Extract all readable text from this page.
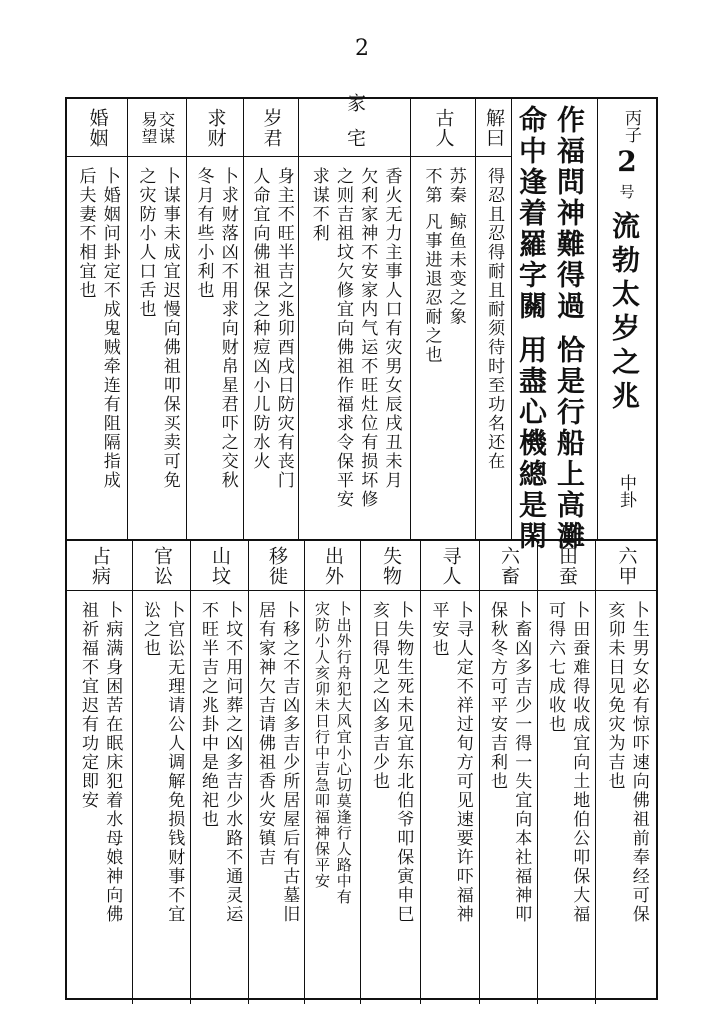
2
丙子
2
号
流勃太岁之兆
中卦
命中逢着羅字關 用盡心機總是閑 作福問神難得過 恰是行船上高灘
解曰
得忍且忍得耐且耐须待时至功名还在
古人
苏秦 鲸鱼未变之象
不第 凡事进退忍耐之也
家宅
香火无力主事人口有灾男女辰戌丑未月
欠利家神不安家内气运不旺灶位有损坏修
之则吉祖坟欠修宜向佛祖作福求令保平安
求谋不利
岁君
身主不旺半吉之兆卯酉戌日防灾有丧门
人命宜向佛祖保之种痘凶小儿防水火
求财
卜求财落凶不用求向财帛星君吓之交秋
冬月有些小利也
交谋
易望
卜谋事未成宜迟慢向佛祖叩保买卖可免
之灾防小人口舌也
婚姻
卜婚姻问卦定不成鬼贼牵连有阻隔指成
后夫妻不相宜也
六甲
卜生男女必有惊吓速向佛祖前奉经可保
亥卯未日见免灾为吉也
田蚕
卜田蚕难得收成宜向土地伯公叩保大福
可得六七成收也
六畜
卜畜凶多吉少一得一失宜向本社福神叩
保秋冬方可平安吉利也
寻人
卜寻人定不祥过旬方可见速要许吓福神
平安也
失物
卜失物生死未见宜东北伯爷叩保寅申巳
亥日得见之凶多吉少也
出外
卜出外行舟犯大风宜小心切莫逢行人路中有
灾防小人亥卯未日行中吉急叩福神保平安
移徙
卜移之不吉凶多吉少所居屋后有古墓旧
居有家神欠吉请佛祖香火安镇吉
山坟
卜坟不用问葬之凶多吉少水路不通灵运
不旺半吉之兆卦中是绝祀也
官讼
卜官讼无理请公人调解免损钱财事不宜
讼之也
占病
卜病满身困苦在眠床犯着水母娘神向佛
祖祈福不宜迟有功定即安
